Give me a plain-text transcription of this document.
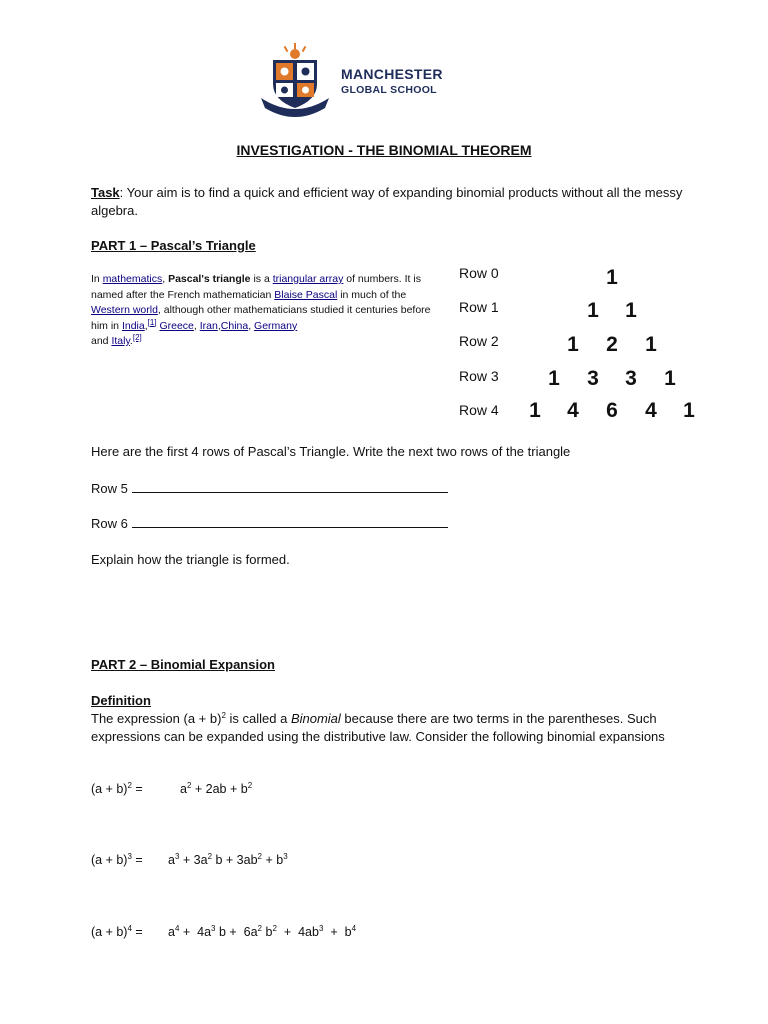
MANCHESTER
GLOBAL SCHOOL
INVESTIGATION - THE BINOMIAL THEOREM
Task: Your aim is to find a quick and efficient way of expanding binomial products without all the messy algebra.
PART 1 – Pascal’s Triangle
In mathematics, Pascal's triangle is a triangular array of numbers. It is named after the French mathematician Blaise Pascal in much of the Western world, although other mathematicians studied it centuries before him in India,[1] Greece, Iran,China, Germany
and Italy.[2]
Row 0
Row 1
Row 2
Row 3
Row 4
1
1 1
1 2 1
1 3 3 1
1 4 6 4 1
Here are the first 4 rows of Pascal’s Triangle. Write the next two rows of the triangle
Row 5
Row 6
Explain how the triangle is formed.
PART 2 – Binomial Expansion
Definition
The expression $(a + b)^2$ is called a Binomial because there are two terms in the parentheses. Such expressions can be expanded using the distributive law. Consider the following binomial expansions
$(a + b)^2$ =	$a^2 + 2ab + b^2$
$(a + b)^3 = a^3 + 3a^2$ $b + 3ab^2 + b^3$
$(a + b)^4 = a^4 + 4a^3$ $b + 6a^2$ $b^2 + 4ab^3 + b^4$
